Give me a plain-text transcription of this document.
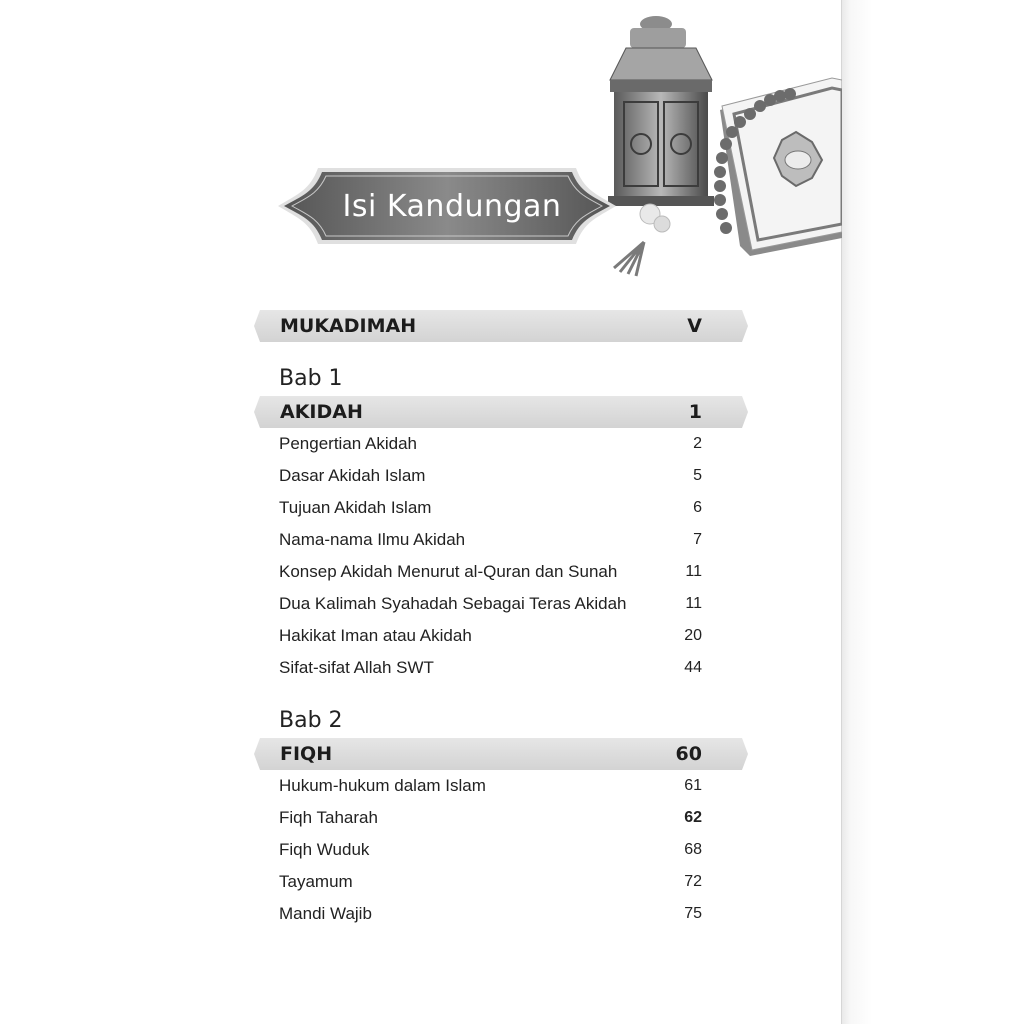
Isi Kandungan
MUKADIMAH	V
Bab 1
AKIDAH	1
Pengertian Akidah	2
Dasar Akidah Islam	5
Tujuan Akidah Islam	6
Nama-nama Ilmu Akidah	7
Konsep Akidah Menurut al-Quran dan Sunah	11
Dua Kalimah Syahadah Sebagai Teras Akidah	11
Hakikat Iman atau Akidah	20
Sifat-sifat Allah SWT	44
Bab 2
FIQH	60
Hukum-hukum dalam Islam	61
Fiqh Taharah	62
Fiqh Wuduk	68
Tayamum	72
Mandi Wajib	75
